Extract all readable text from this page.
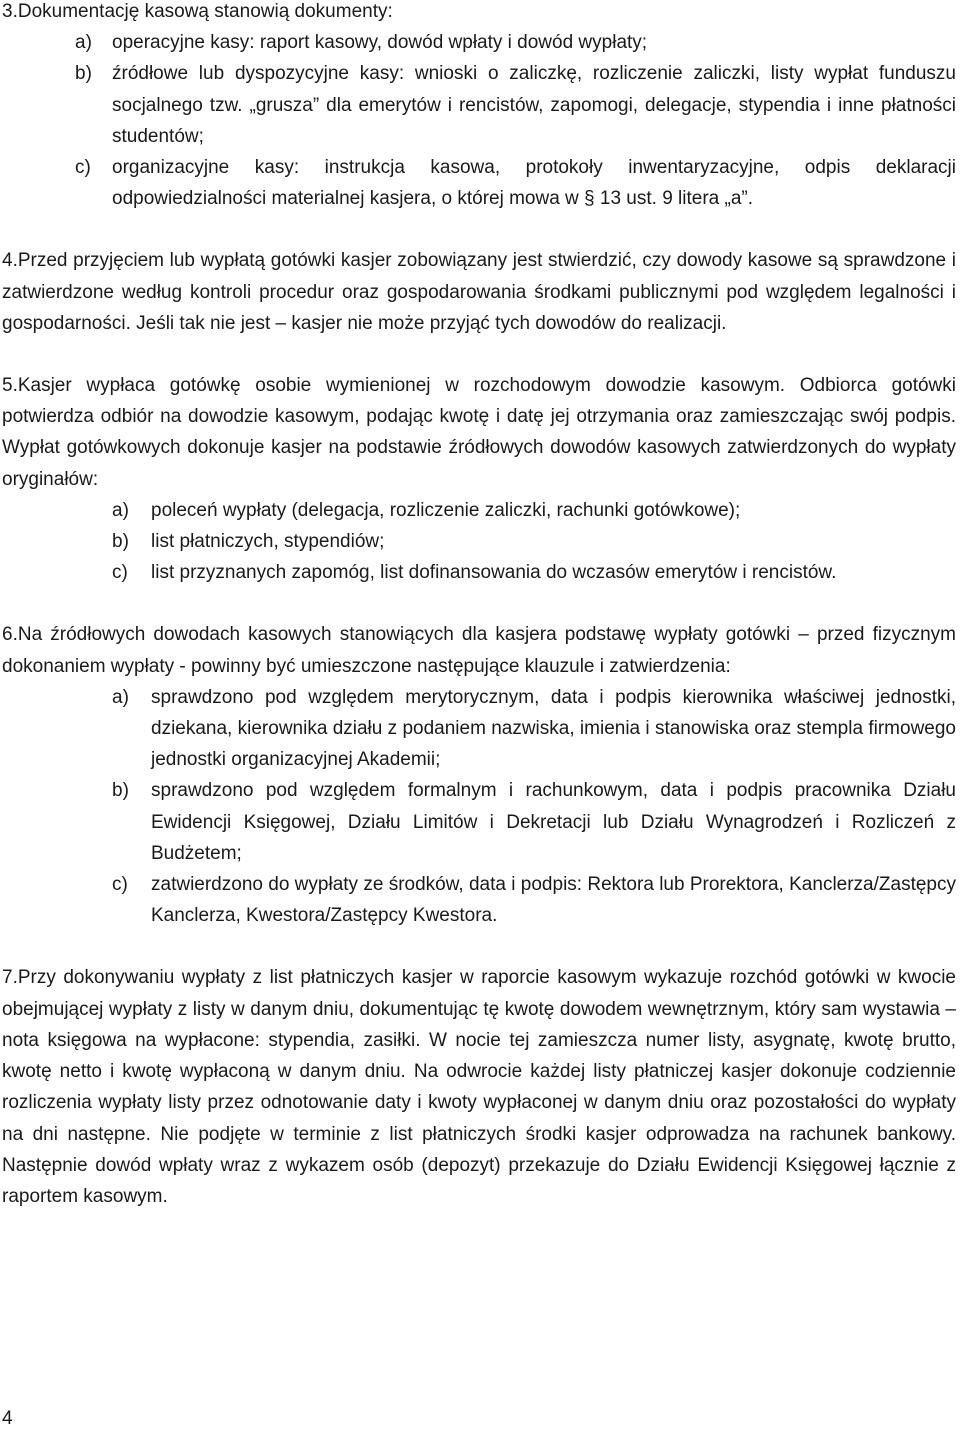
3.Dokumentację kasową stanowią dokumenty:

a) operacyjne kasy: raport kasowy, dowód wpłaty i dowód wypłaty;
b) źródłowe lub dyspozycyjne kasy: wnioski o zaliczkę, rozliczenie zaliczki, listy wypłat funduszu socjalnego tzw. „grusza” dla emerytów i rencistów, zapomogi, delegacje, stypendia i inne płatności studentów;
c) organizacyjne kasy: instrukcja kasowa, protokoły inwentaryzacyjne, odpis deklaracji odpowiedzialności materialnej kasjera, o której mowa w § 13 ust. 9 litera „a”.

4.Przed przyjęciem lub wypłatą gotówki kasjer zobowiązany jest stwierdzić, czy dowody kasowe są sprawdzone i zatwierdzone według kontroli procedur oraz gospodarowania środkami publicznymi pod względem legalności i gospodarności. Jeśli tak nie jest – kasjer nie może przyjąć tych dowodów do realizacji.

5.Kasjer wypłaca gotówkę osobie wymienionej w rozchodowym dowodzie kasowym. Odbiorca gotówki potwierdza odbiór na dowodzie kasowym, podając kwotę i datę jej otrzymania oraz zamieszczając swój podpis. Wypłat gotówkowych dokonuje kasjer na podstawie źródłowych dowodów kasowych zatwierdzonych do wypłaty oryginałów:

a) poleceń wypłaty (delegacja, rozliczenie zaliczki, rachunki gotówkowe);
b) list płatniczych, stypendiów;
c) list przyznanych zapomóg, list dofinansowania do wczasów emerytów i rencistów.

6.Na źródłowych dowodach kasowych stanowiących dla kasjera podstawę wypłaty gotówki – przed fizycznym dokonaniem wypłaty - powinny być umieszczone następujące klauzule i zatwierdzenia:

a) sprawdzono pod względem merytorycznym, data i podpis kierownika właściwej jednostki, dziekana, kierownika działu z podaniem nazwiska, imienia i stanowiska oraz stempla firmowego jednostki organizacyjnej Akademii;
b) sprawdzono pod względem formalnym i rachunkowym, data i podpis pracownika Działu Ewidencji Księgowej, Działu Limitów i Dekretacji lub Działu Wynagrodzeń i Rozliczeń z Budżetem;
c) zatwierdzono do wypłaty ze środków, data i podpis: Rektora lub Prorektora, Kanclerza/Zastępcy Kanclerza, Kwestora/Zastępcy Kwestora.

7.Przy dokonywaniu wypłaty z list płatniczych kasjer w raporcie kasowym wykazuje rozchód gotówki w kwocie obejmującej wypłaty z listy w danym dniu, dokumentując tę kwotę dowodem wewnętrznym, który sam wystawia – nota księgowa na wypłacone: stypendia, zasiłki. W nocie tej zamieszcza numer listy, asygnatę, kwotę brutto, kwotę netto i kwotę wypłaconą w danym dniu. Na odwrocie każdej listy płatniczej kasjer dokonuje codziennie rozliczenia wypłaty listy przez odnotowanie daty i kwoty wypłaconej w danym dniu oraz pozostałości do wypłaty na dni następne. Nie podjęte w terminie z list płatniczych środki kasjer odprowadza na rachunek bankowy. Następnie dowód wpłaty wraz z wykazem osób (depozyt) przekazuje do Działu Ewidencji Księgowej łącznie z raportem kasowym.

4
